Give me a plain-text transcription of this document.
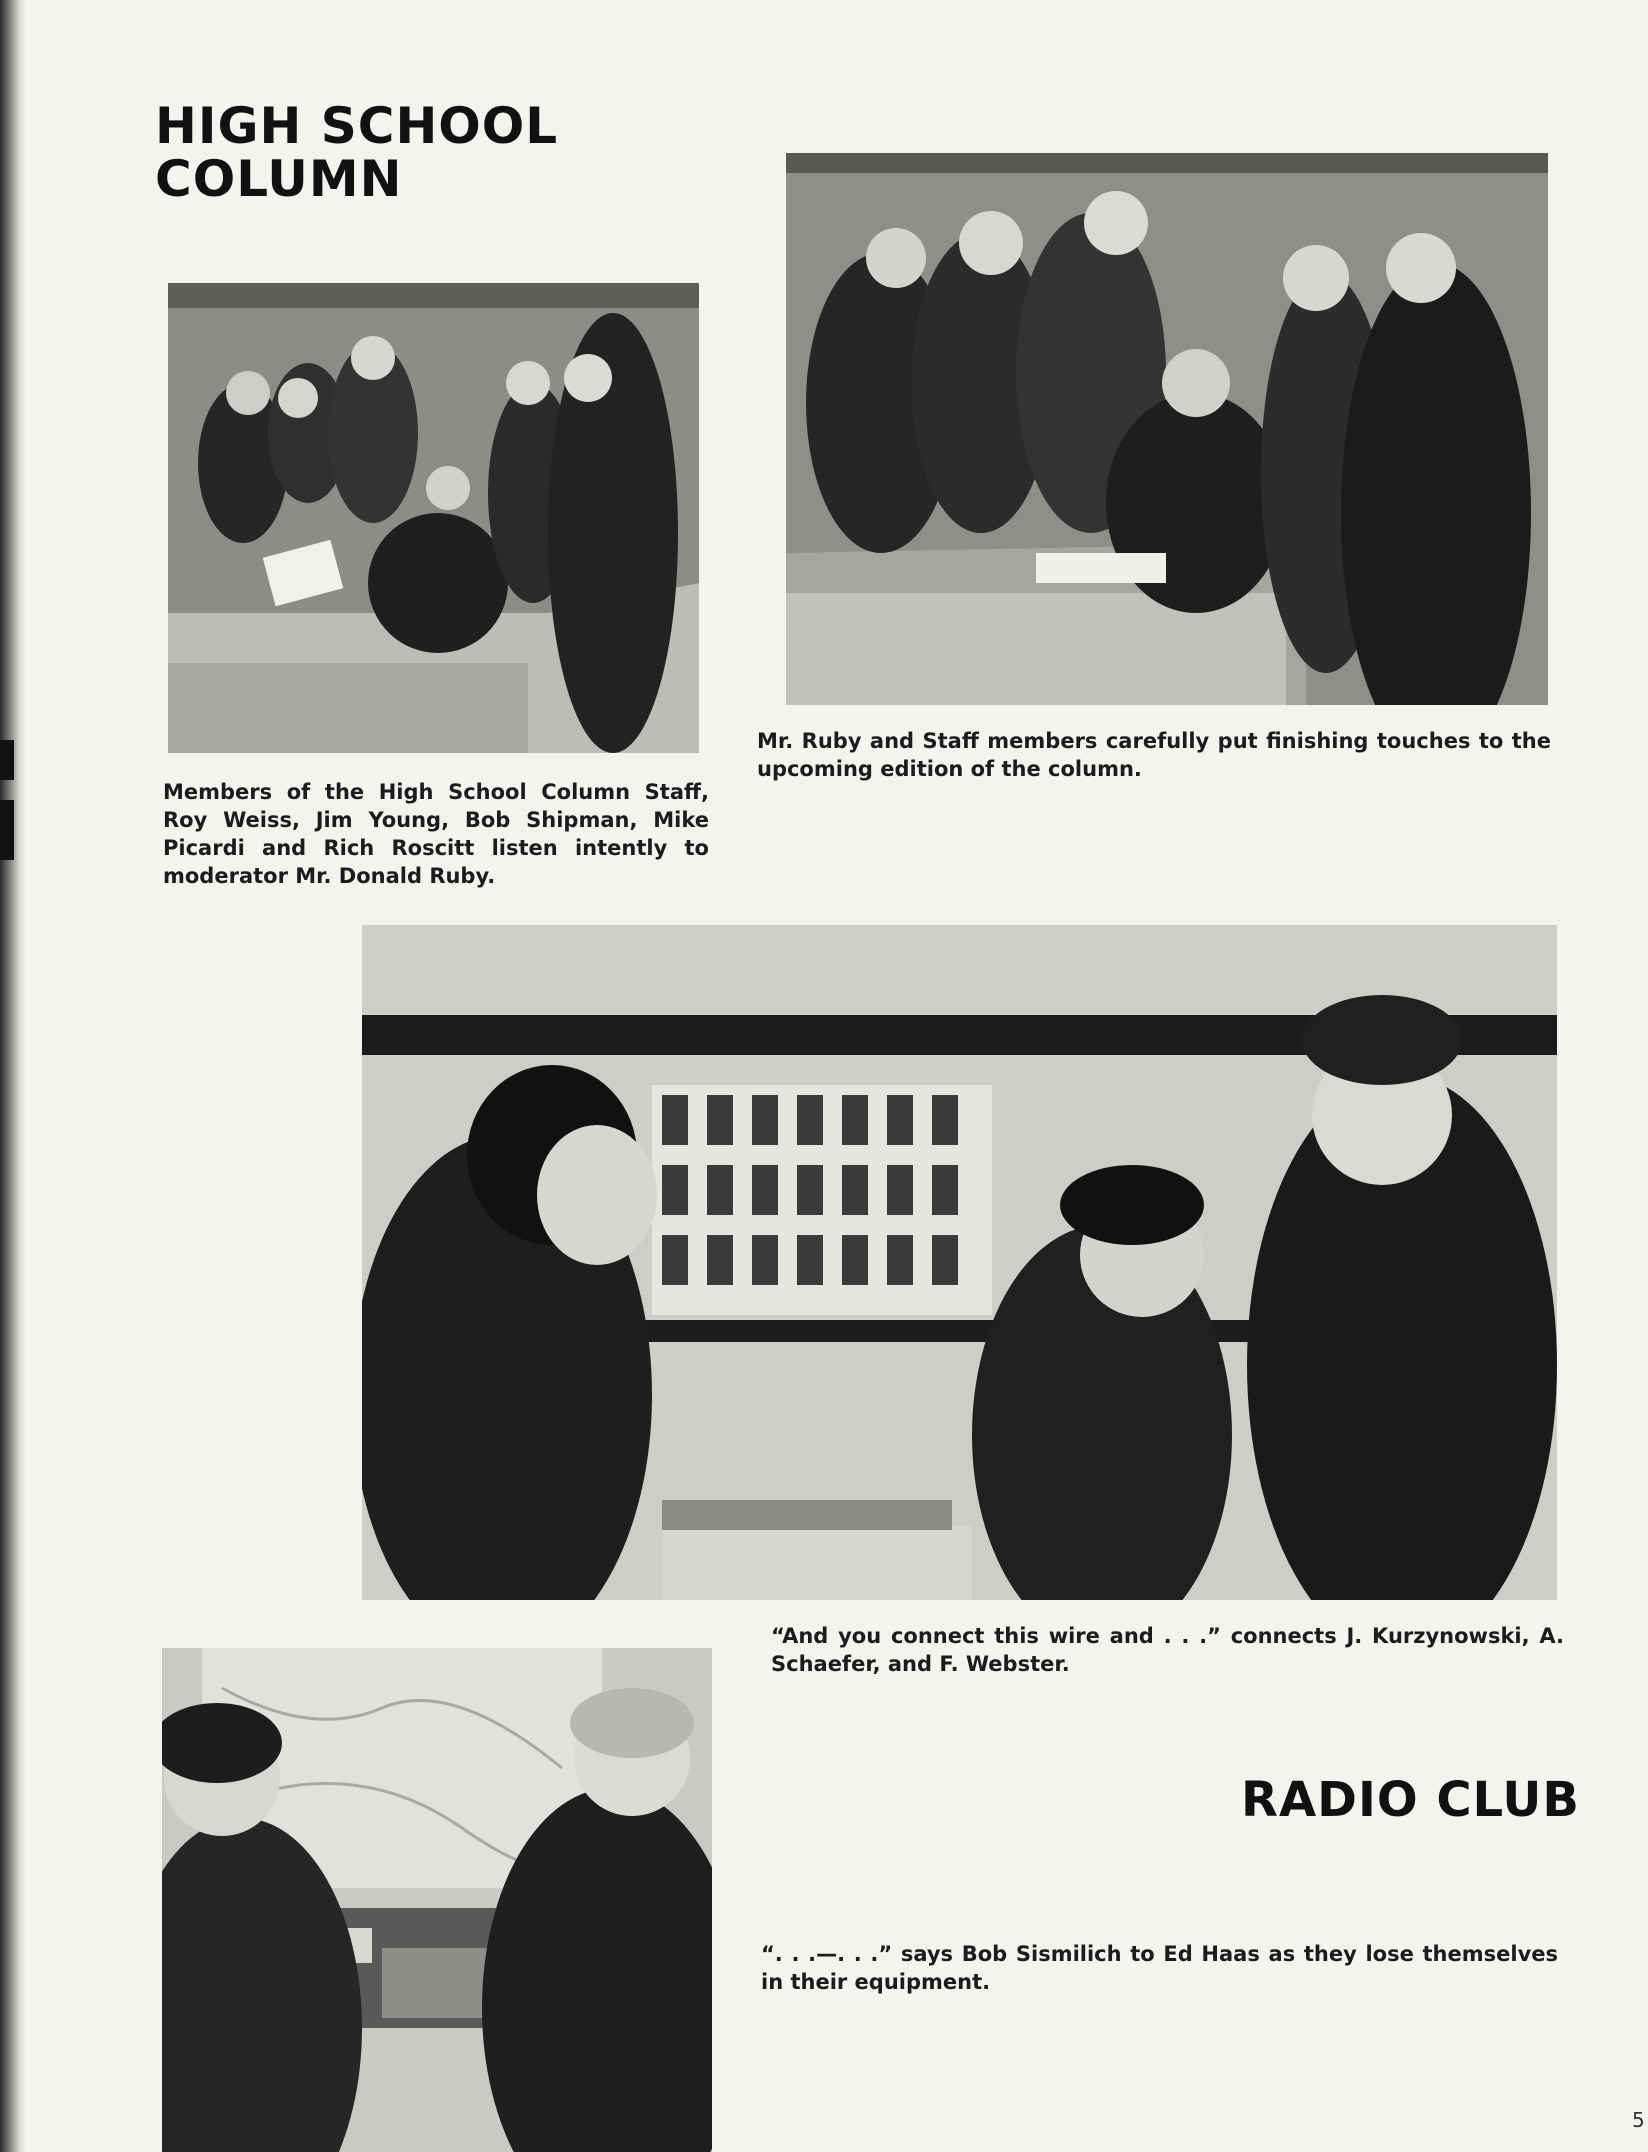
HIGH SCHOOL COLUMN

Mr. Ruby and Staff members carefully put finishing touches to the upcoming edition of the column.

Members of the High School Column Staff, Roy Weiss, Jim Young, Bob Shipman, Mike Picardi and Rich Roscitt listen intently to moderator Mr. Donald Ruby.

“And you connect this wire and . . .” connects J. Kurzynowski, A. Schaefer, and F. Webster.

RADIO CLUB

“. . .—. . .” says Bob Sismilich to Ed Haas as they lose themselves in their equipment.

5
